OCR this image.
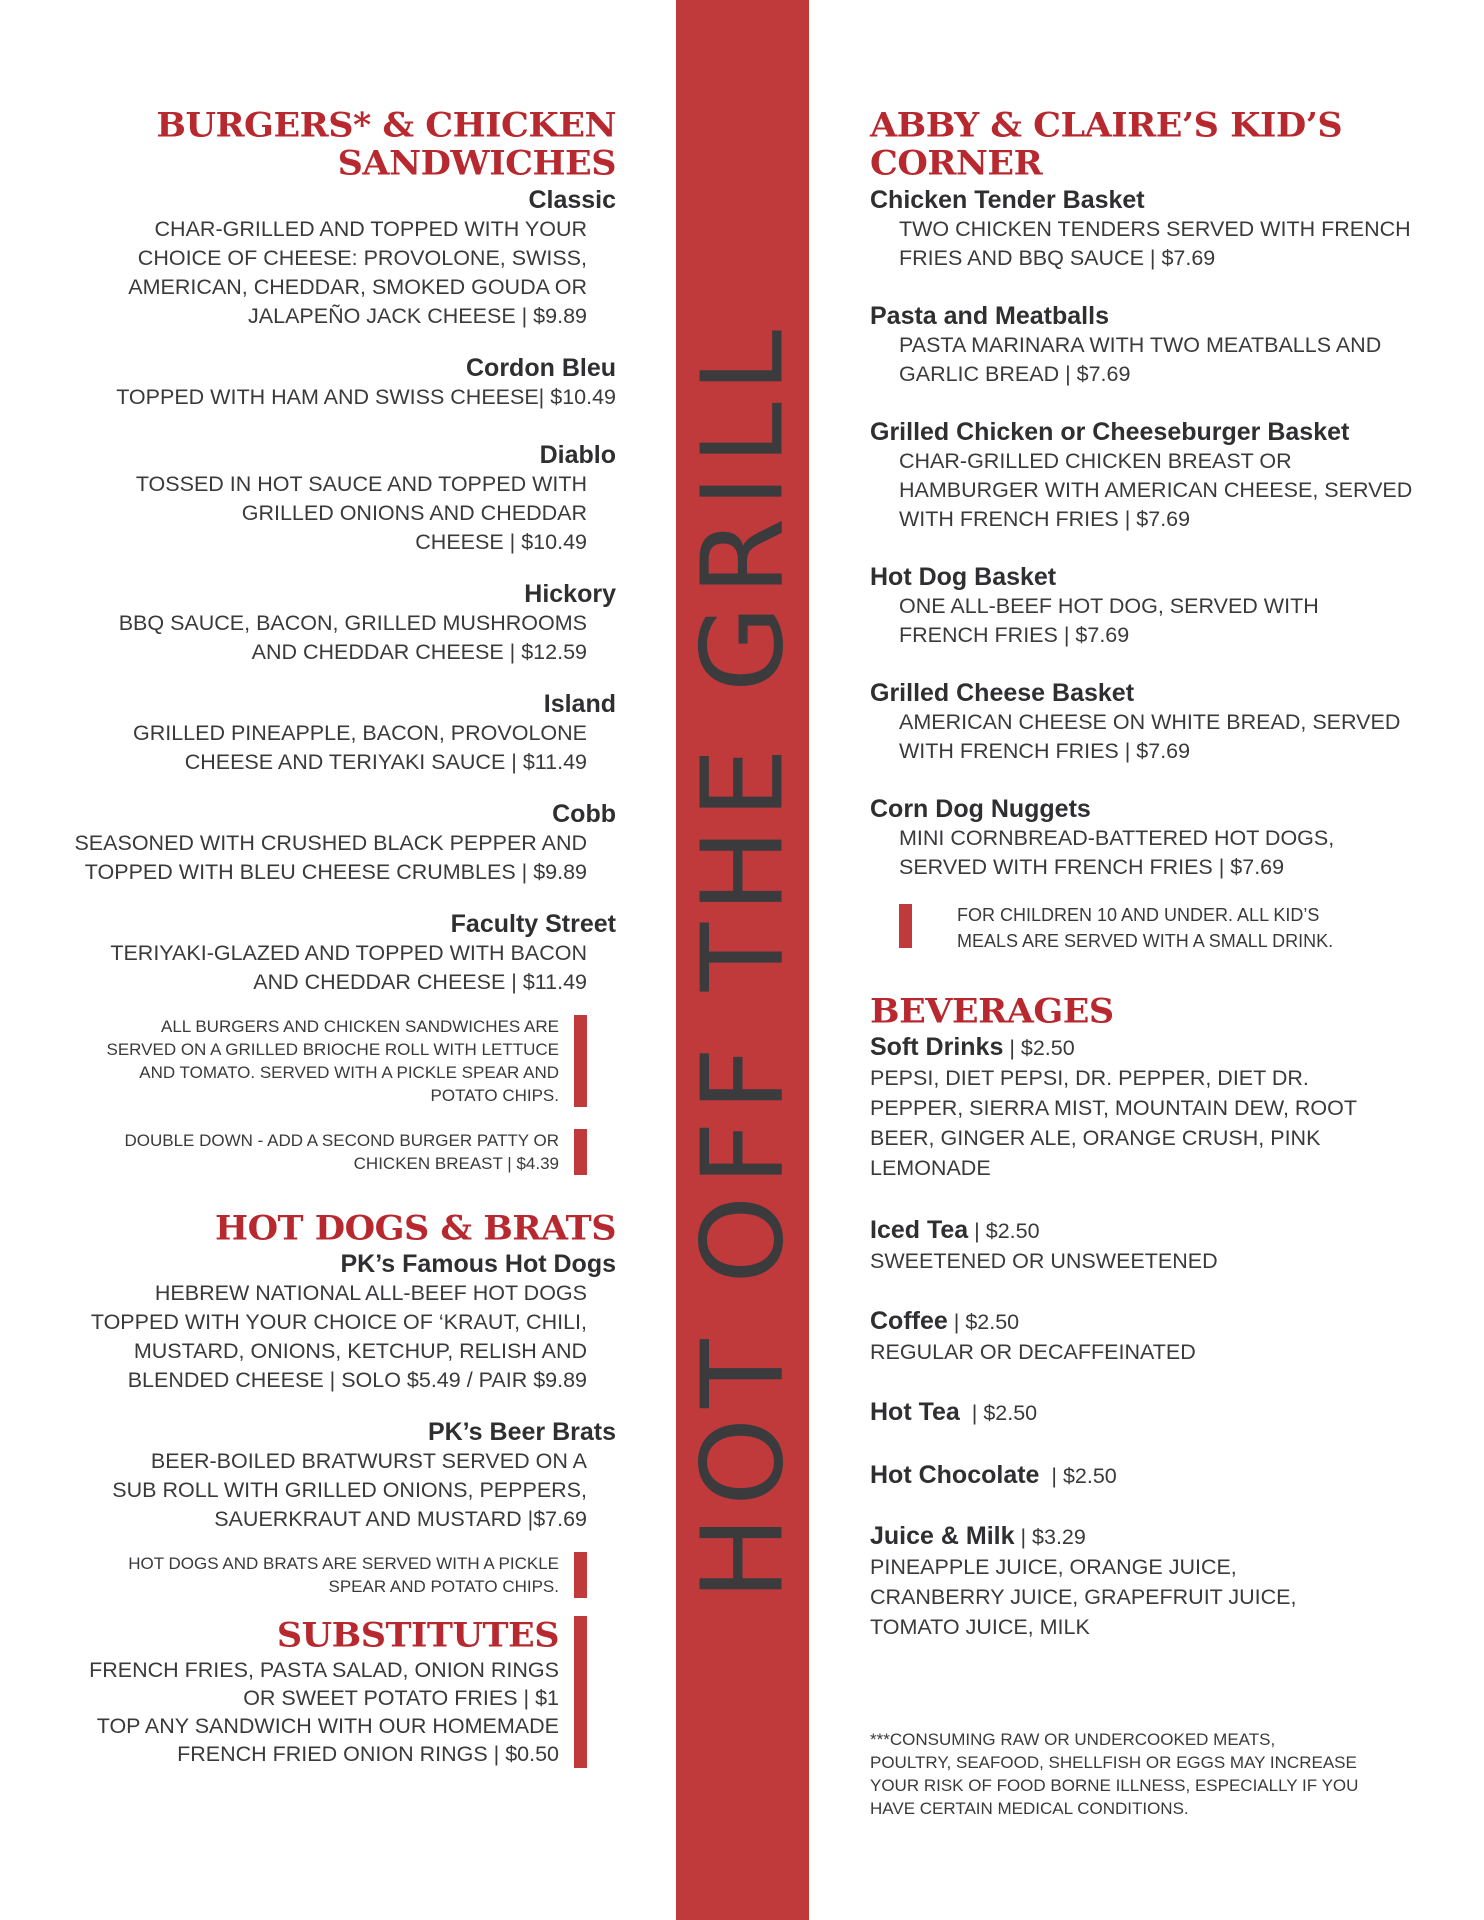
HOT OFF THE GRILL
BURGERS* & CHICKEN
SANDWICHES
Classic
CHAR-GRILLED AND TOPPED WITH YOUR
CHOICE OF CHEESE: PROVOLONE, SWISS,
AMERICAN, CHEDDAR, SMOKED GOUDA OR
JALAPEÑO JACK CHEESE | $9.89
Cordon Bleu
TOPPED WITH HAM AND SWISS CHEESE| $10.49
Diablo
TOSSED IN HOT SAUCE AND TOPPED WITH
GRILLED ONIONS AND CHEDDAR
CHEESE | $10.49
Hickory
BBQ SAUCE, BACON, GRILLED MUSHROOMS
AND CHEDDAR CHEESE | $12.59
Island
GRILLED PINEAPPLE, BACON, PROVOLONE
CHEESE AND TERIYAKI SAUCE | $11.49
Cobb
SEASONED WITH CRUSHED BLACK PEPPER AND
TOPPED WITH BLEU CHEESE CRUMBLES | $9.89
Faculty Street
TERIYAKI-GLAZED AND TOPPED WITH BACON
AND CHEDDAR CHEESE | $11.49
ALL BURGERS AND CHICKEN SANDWICHES ARE
SERVED ON A GRILLED BRIOCHE ROLL WITH LETTUCE
AND TOMATO. SERVED WITH A PICKLE SPEAR AND
POTATO CHIPS.
DOUBLE DOWN - ADD A SECOND BURGER PATTY OR
CHICKEN BREAST | $4.39
HOT DOGS & BRATS
PK’s Famous Hot Dogs
HEBREW NATIONAL ALL-BEEF HOT DOGS
TOPPED WITH YOUR CHOICE OF ‘KRAUT, CHILI,
MUSTARD, ONIONS, KETCHUP, RELISH AND
BLENDED CHEESE | SOLO $5.49 / PAIR $9.89
PK’s Beer Brats
BEER-BOILED BRATWURST SERVED ON A
SUB ROLL WITH GRILLED ONIONS, PEPPERS,
SAUERKRAUT AND MUSTARD |$7.69
HOT DOGS AND BRATS ARE SERVED WITH A PICKLE
SPEAR AND POTATO CHIPS.
SUBSTITUTES
FRENCH FRIES, PASTA SALAD, ONION RINGS
OR SWEET POTATO FRIES | $1
TOP ANY SANDWICH WITH OUR HOMEMADE
FRENCH FRIED ONION RINGS | $0.50
ABBY & CLAIRE’S KID’S
CORNER
Chicken Tender Basket
TWO CHICKEN TENDERS SERVED WITH FRENCH
FRIES AND BBQ SAUCE | $7.69
Pasta and Meatballs
PASTA MARINARA WITH TWO MEATBALLS AND
GARLIC BREAD | $7.69
Grilled Chicken or Cheeseburger Basket
CHAR-GRILLED CHICKEN BREAST OR
HAMBURGER WITH AMERICAN CHEESE, SERVED
WITH FRENCH FRIES | $7.69
Hot Dog Basket
ONE ALL-BEEF HOT DOG, SERVED WITH
FRENCH FRIES | $7.69
Grilled Cheese Basket
AMERICAN CHEESE ON WHITE BREAD, SERVED
WITH FRENCH FRIES | $7.69
Corn Dog Nuggets
MINI CORNBREAD-BATTERED HOT DOGS,
SERVED WITH FRENCH FRIES | $7.69
FOR CHILDREN 10 AND UNDER. ALL KID’S
MEALS ARE SERVED WITH A SMALL DRINK.
BEVERAGES
Soft Drinks | $2.50
PEPSI, DIET PEPSI, DR. PEPPER, DIET DR.
PEPPER, SIERRA MIST, MOUNTAIN DEW, ROOT
BEER, GINGER ALE, ORANGE CRUSH, PINK
LEMONADE
Iced Tea | $2.50
SWEETENED OR UNSWEETENED
Coffee | $2.50
REGULAR OR DECAFFEINATED
Hot Tea  | $2.50
Hot Chocolate  | $2.50
Juice & Milk | $3.29
PINEAPPLE JUICE, ORANGE JUICE,
CRANBERRY JUICE, GRAPEFRUIT JUICE,
TOMATO JUICE, MILK
***CONSUMING RAW OR UNDERCOOKED MEATS,
POULTRY, SEAFOOD, SHELLFISH OR EGGS MAY INCREASE
YOUR RISK OF FOOD BORNE ILLNESS, ESPECIALLY IF YOU
HAVE CERTAIN MEDICAL CONDITIONS.
